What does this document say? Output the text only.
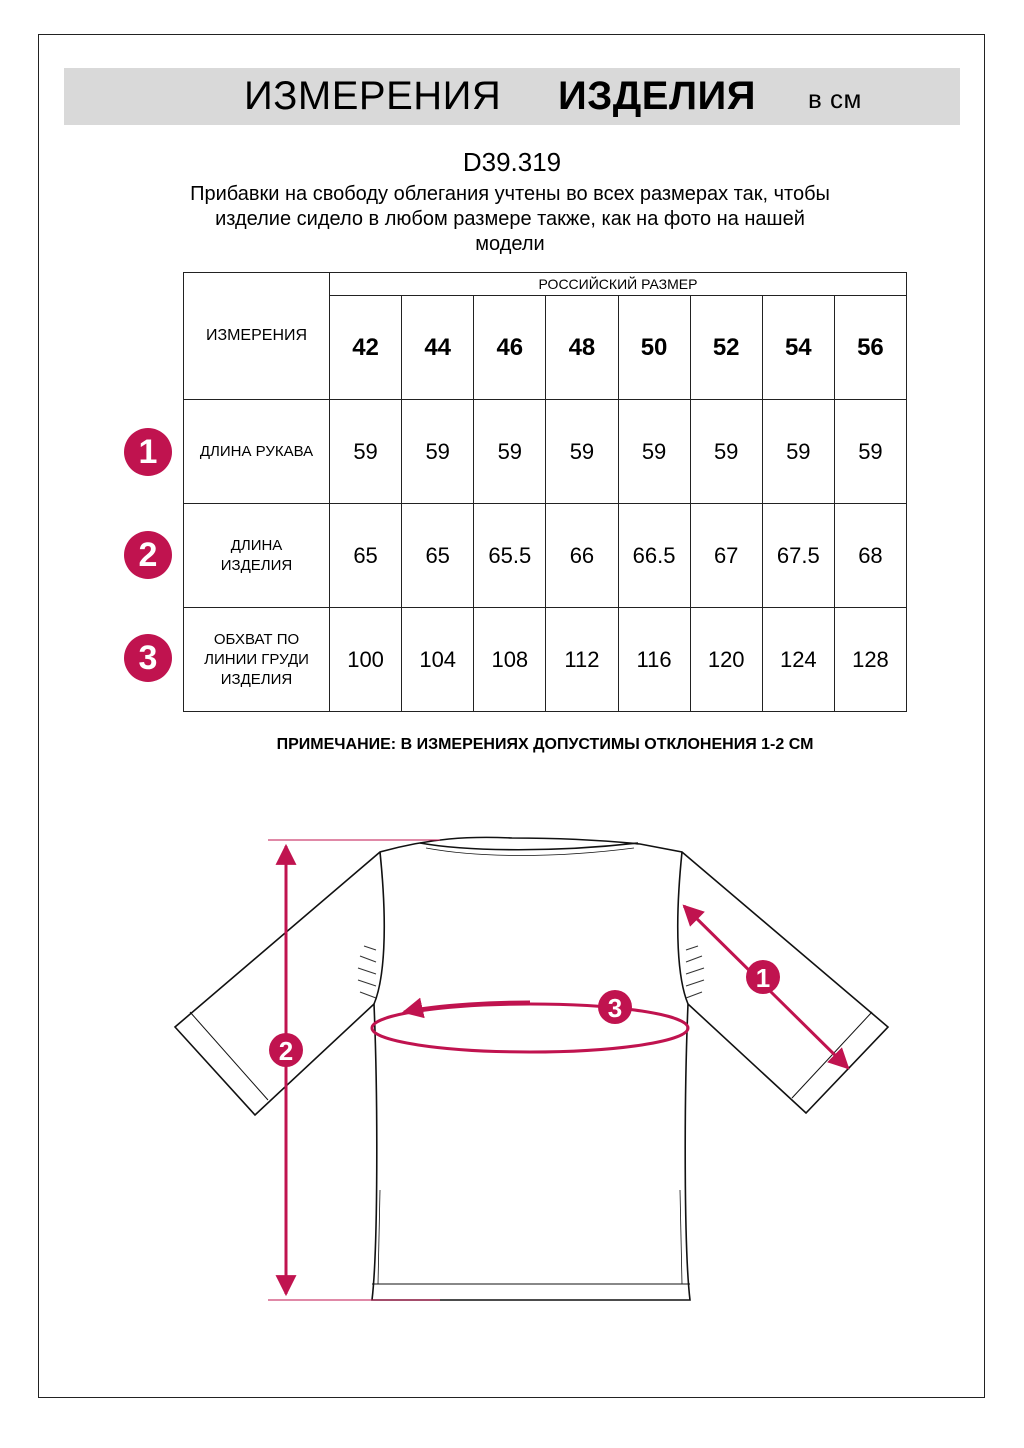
ИЗМЕРЕНИЯ ИЗДЕЛИЯ в см
D39.319
Прибавки на свободу облегания учтены во всех размерах так, чтобы
изделие сидело в любом размере также, как на фото на нашей
модели
ИЗМЕРЕНИЯ	РОССИЙСКИЙ РАЗМЕР							
	42	44	46	48	50	52	54	56

ДЛИНА РУКАВА	59	59	59	59	59	59	59	59

ДЛИНА
ИЗДЕЛИЯ	65	65	65.5	66	66.5	67	67.5	68

ОБХВАТ ПО
ЛИНИИ ГРУДИ
ИЗДЕЛИЯ	100	104	108	112	116	120	124	128
1
2
3
ПРИМЕЧАНИЕ: В ИЗМЕРЕНИЯХ ДОПУСТИМЫ ОТКЛОНЕНИЯ 1-2 СМ
1
2
3
